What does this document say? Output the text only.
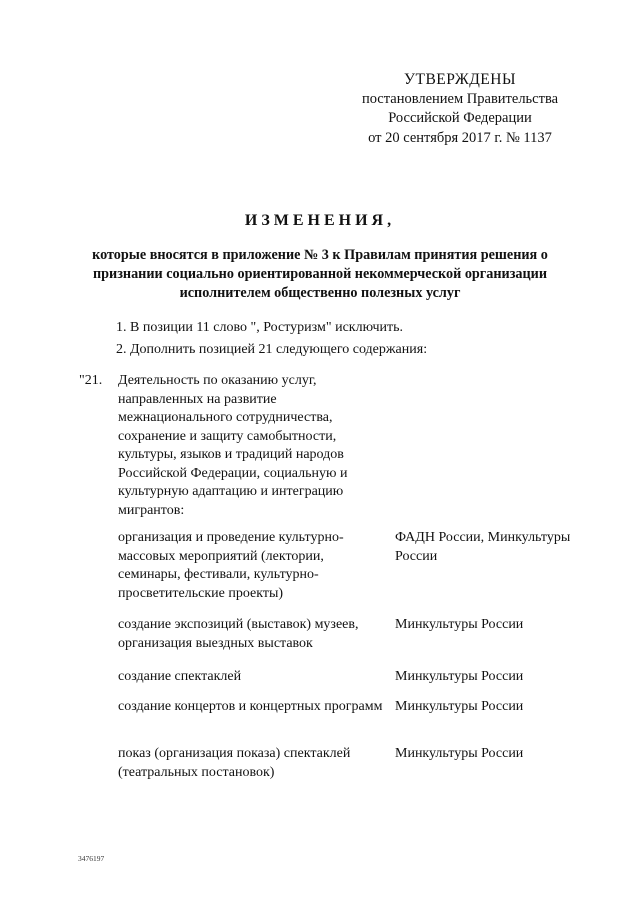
УТВЕРЖДЕНЫ
постановлением Правительства
Российской Федерации
от 20 сентября 2017 г. № 1137
ИЗМЕНЕНИЯ,
которые вносятся в приложение № 3 к Правилам принятия решения о признании социально ориентированной некоммерческой организации исполнителем общественно полезных услуг
1. В позиции 11 слово ", Ростуризм" исключить.
2. Дополнить позицией 21 следующего содержания:
"21. Деятельность по оказанию услуг, направленных на развитие межнационального сотрудничества, сохранение и защиту самобытности, культуры, языков и традиций народов Российской Федерации, социальную и культурную адаптацию и интеграцию мигрантов:
организация и проведение культурно-массовых мероприятий (лектории, семинары, фестивали, культурно-просветительские проекты)
ФАДН России, Минкультуры России
создание экспозиций (выставок) музеев, организация выездных выставок
Минкультуры России
создание спектаклей	Минкультуры России
создание концертов и концертных программ Минкультуры России
показ (организация показа) спектаклей (театральных постановок)
Минкультуры России
3476197
